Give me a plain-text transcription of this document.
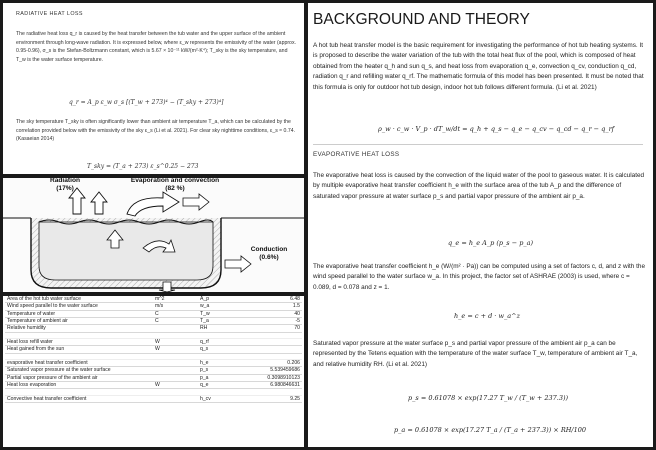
RADIATIVE HEAT LOSS
The radiative heat loss q_r is caused by the heat transfer between the tub water and the upper surface of the ambient environment through long-wave radiation. It is expressed below, where ε_w represents the emissivity of the water (approx. 0.95-0.96), σ_s is the Stefan-Boltzmann constant, which is 5.67 × 10⁻¹¹ kW/(m²·K⁴); T_sky is the sky temperature, and T_w is the water surface temperature.
q_r = A_p ε_w σ_s [(T_w + 273)⁴ − (T_sky + 273)⁴]
The sky temperature T_sky is often significantly lower than ambient air temperature T_a, which can be calculated by the correlation provided below with the emissivity of the sky ε_s (Li et al. 2021). For clear sky nighttime conditions, ε_s ≈ 0.74. (Kasaeian 2014)
T_sky = (T_a + 273) ε_s^0.25 − 273
Radiation
(17%)
Evaporation and convection
(82 %)
Conduction
(0.6%)
Area of the hot tub water surface	m^2	A_p	6.48
Wind speed parallel to the water surface	m/s	w_a	1.5
Temperature of water	C	T_w	40
Temperature of ambient air	C	T_a	-5
Relative humidity		RH	70

Heat loss refill water	W	q_rf	
Heat gained from the sun	W	q_s	

evaporative heat transfer coefficient		h_e	0.206
Saturated vapor pressure at the water surface		p_s	5.539459686
Partial vapor pressure of the ambient air		p_a	0.3098910123
Heat loss evaporation	W	q_e	6.980846631

Convective heat transfer coefficient		h_cv	9.25
BACKGROUND AND THEORY
A hot tub heat transfer model is the basic requirement for investigating the performance of hot tub heating systems. It is proposed to describe the water variation of the tub with the total heat flux of the pool, which is composed of heat obtained from the heater q_h and sun q_s, and heat loss from evaporation q_e, convection q_cv, conduction q_cd, radiation q_r and refilling water q_rf. The mathematic formula of this model has been presented. It must be noted that this formula is only for outdoor hot tub design, indoor hot tub follows different formula. (Li et al. 2021)
ρ_w · c_w · V_p · dT_w/dt = q_h + q_s − q_e − q_cv − q_cd − q_r − q_rf
EVAPORATIVE HEAT LOSS
The evaporative heat loss is caused by the convection of the liquid water of the pool to gaseous water. It is calculated by multiple evaporative heat transfer coefficient h_e with the surface area of the tub A_p and the difference of saturated vapor pressure at water surface p_s and partial vapor pressure of the ambient air p_a.
q_e = h_e A_p (p_s − p_a)
The evaporative heat transfer coefficient h_e (W/(m² · Pa)) can be computed using a set of factors c, d, and z with the wind speed parallel to the water surface w_a. In this project, the factor set of ASHRAE (2003) is used, where c = 0.089, d = 0.078 and z = 1.
h_e = c + d · w_a^z
Saturated vapor pressure at the water surface p_s and partial vapor pressure of the ambient air p_a can be represented by the Tetens equation with the temperature of the water surface T_w, temperature of ambient air T_a, and relative humidity RH. (Li et al. 2021)
p_s = 0.61078 × exp(17.27 T_w / (T_w + 237.3))
p_a = 0.61078 × exp(17.27 T_a / (T_a + 237.3)) × RH/100
